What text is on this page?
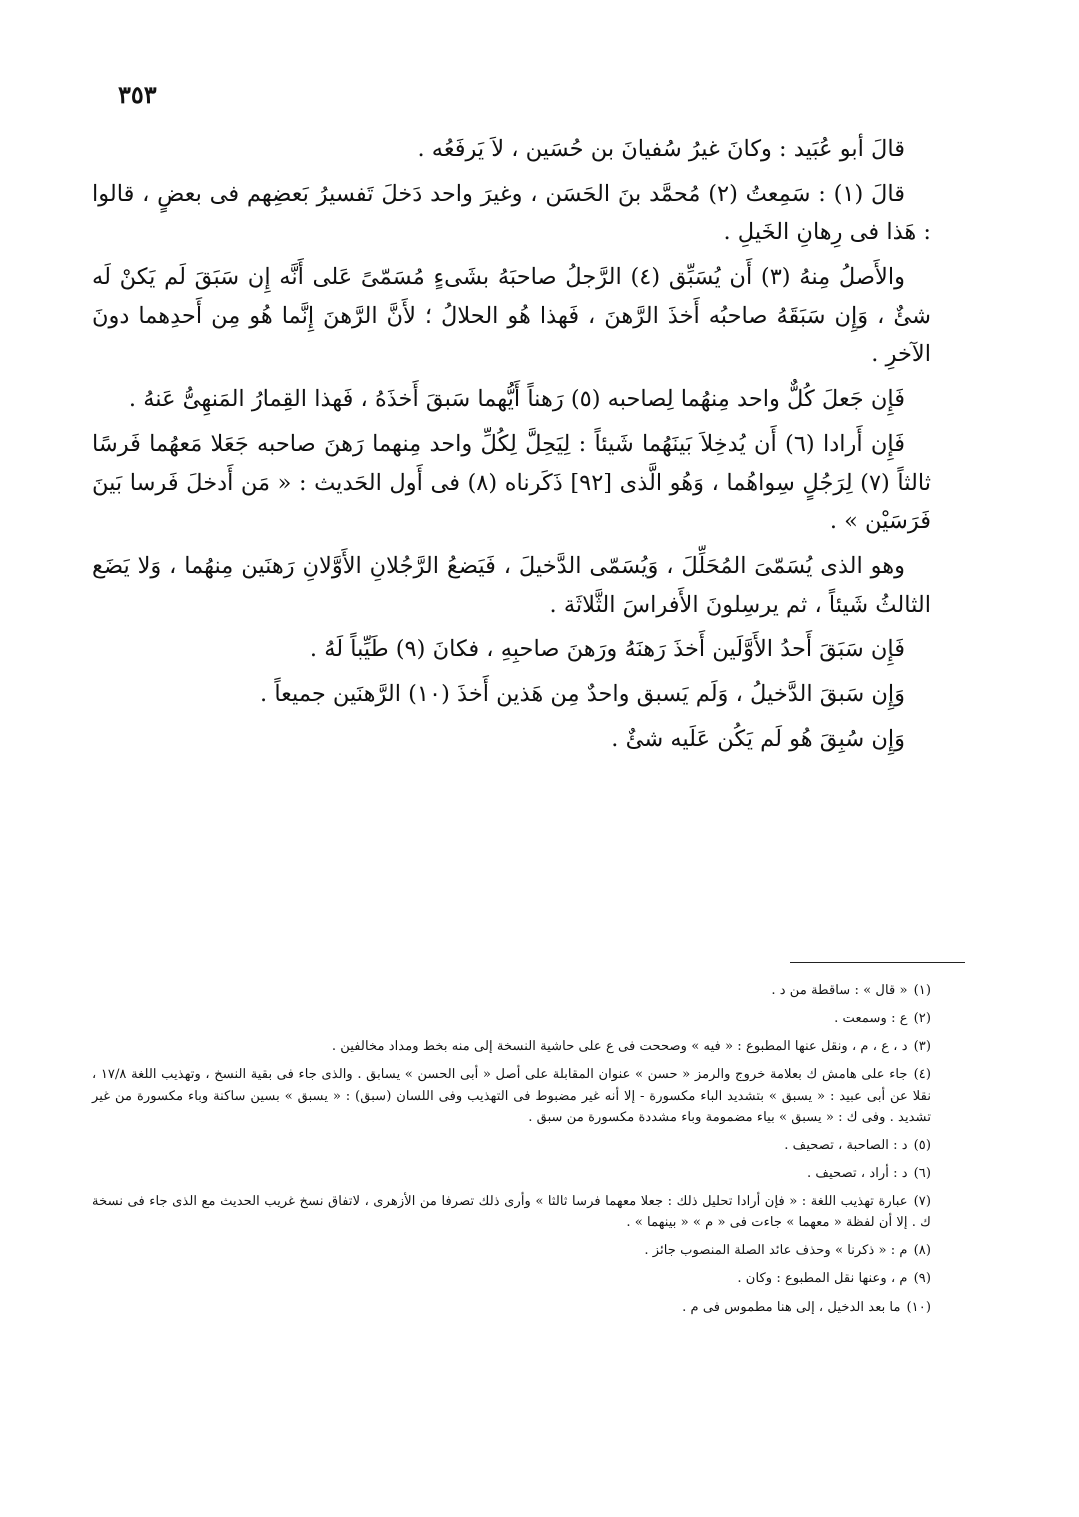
٣٥٣

قالَ أبو عُبَيد : وكانَ غيرُ سُفيانَ بن حُسَين ، لاَ يَرفَعُه .

قالَ (١) : سَمِعتُ (٢) مُحمَّد بنَ الحَسَن ، وغيرَ واحد دَخلَ تَفسيرُ بَعضِهم فى بعضٍ ، قالوا : هَذا فى رِهانِ الخَيلِ .

والأَصلُ مِنهُ (٣) أَن يُسَبِّق (٤) الرَّجلُ صاحبَهُ بشَىءٍ مُسَمّىً عَلى أَنَّه إِن سَبَقَ لَم يَكنْ لَه شئٌ ، وَإِن سَبَقَهُ صاحبُه أَخذَ الرَّهنَ ، فَهذا هُو الحلالُ ؛ لأَنَّ الرَّهنَ إِنَّما هُو مِن أَحدِهما دونَ الآخرِ .

فَإِن جَعلَ كُلٌّ واحد مِنهُما لِصاحبه (٥) رَهناً أَيُّهما سَبقَ أَخذَهُ ، فَهذا القِمارُ المَنهِىُّ عَنهُ .

فَإِن أَرادا (٦) أَن يُدخِلاَ بَينَهُما شَيئاً : لِيَحِلَّ لِكُلِّ واحد مِنهما رَهنَ صاحبه جَعَلا مَعهُما فَرسًا ثالثاً (٧) لِرَجُلٍ سِواهُما ، وَهُو الَّذى [٩٢] ذَكَرناه (٨) فى أَول الحَديث : « مَن أَدخلَ فَرسا بَينَ فَرَسَيْن » .

وهو الذى يُسَمّىَ المُحَلِّلَ ، وَيُسَمّى الدَّخيلَ ، فَيَضعُ الرَّجُلانِ الأَوَّلانِ رَهنَين مِنهُما ، وَلا يَضَع الثالثُ شَيئاً ، ثم يرسِلونَ الأَفراسَ الثَّلاثَة .

فَإِن سَبَقَ أَحدُ الأَوَّلَين أَخذَ رَهنَهُ ورَهنَ صاحبِهِ ، فكانَ (٩) طَيِّباً لَهُ .

وَإِن سَبقَ الدَّخيلُ ، وَلَم يَسبق واحدٌ مِن هَذين أَخذَ (١٠) الرَّهنَين جميعاً .

وَإِن سُبِقَ هُو لَم يَكُن عَلَيه شئٌ .

(١)« قال » : ساقطة من د .

(٢)ع : وسمعت .

(٣)د ، ع ، م ، ونقل عنها المطبوع : « فيه » وصححت فى ع على حاشية النسخة إلى منه بخط ومداد مخالفين .

(٤)جاء على هامش ك بعلامة خروج والرمز « حسن » عنوان المقابلة على أصل « أبى الحسن » يسابق . والذى جاء فى بقية النسخ ، وتهذيب اللغة ١٧/٨ ، نقلا عن أبى عبيد : « يسبق » بتشديد الباء مكسورة - إلا أنه غير مضبوط فى التهذيب وفى اللسان (سبق) : « يسبق » بسين ساكنة وباء مكسورة من غير تشديد . وفى ك : « يسبق » بياء مضمومة وباء مشددة مكسورة من سبق .

(٥)د : الصاحبة ، تصحيف .

(٦)د : أراد ، تصحيف .

(٧)عبارة تهذيب اللغة : « فإن أرادا تحليل ذلك : جعلا معهما فرسا ثالثا » وأرى ذلك تصرفا من الأزهرى ، لاتفاق نسخ غريب الحديث مع الذى جاء فى نسخة ك . إلا أن لفظة « معهما » جاءت فى « م » « بينهما » .

(٨)م : « ذكرنا » وحذف عائد الصلة المنصوب جائز .

(٩)م ، وعنها نقل المطبوع : وكان .

(١٠)ما بعد الدخيل ، إلى هنا مطموس فى م .
